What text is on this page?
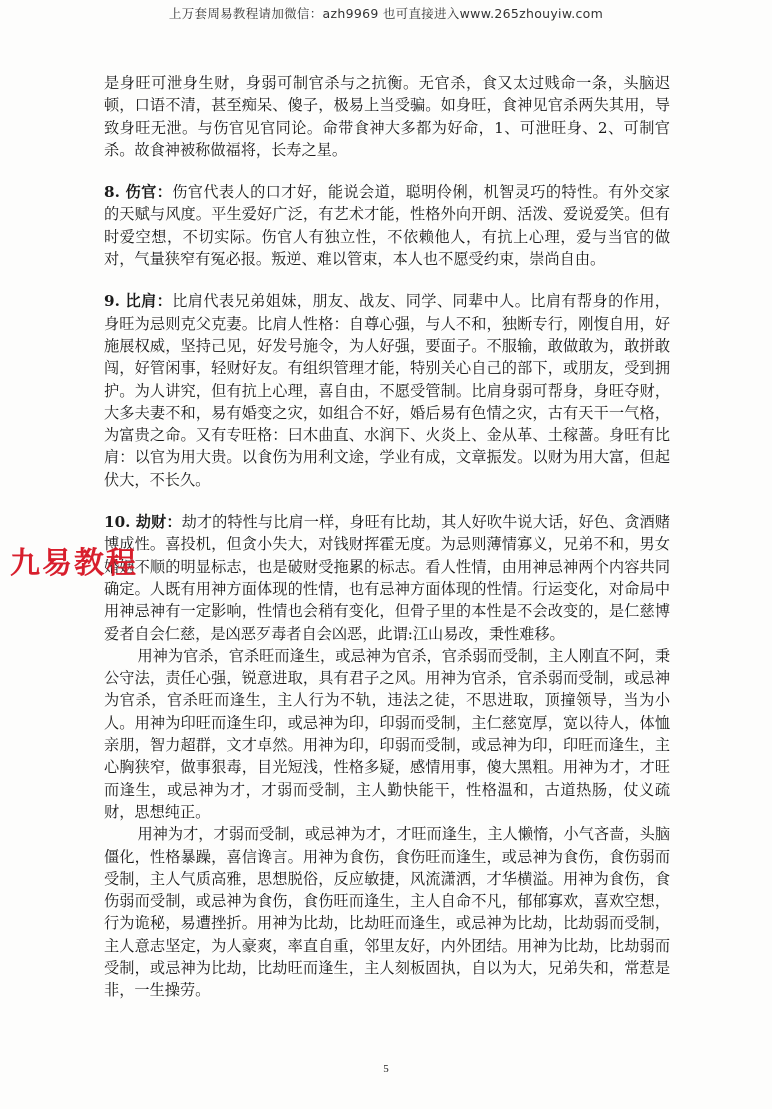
上万套周易教程请加微信：azh9969 也可直接进入www.265zhouyiw.com

是身旺可泄身生财，身弱可制官杀与之抗衡。无官杀，食又太过贱命一条，头脑迟顿，口语不清，甚至痴呆、傻子，极易上当受骗。如身旺，食神见官杀两失其用，导致身旺无泄。与伤官见官同论。命带食神大多都为好命，1、可泄旺身、2、可制官杀。故食神被称做福将，长寿之星。

8. 伤官：伤官代表人的口才好，能说会道，聪明伶俐，机智灵巧的特性。有外交家的天赋与风度。平生爱好广泛，有艺术才能，性格外向开朗、活泼、爱说爱笑。但有时爱空想，不切实际。伤官人有独立性，不依赖他人，有抗上心理，爱与当官的做对，气量狭窄有冤必报。叛逆、难以管束，本人也不愿受约束，崇尚自由。

9. 比肩：比肩代表兄弟姐妹，朋友、战友、同学、同辈中人。比肩有帮身的作用，身旺为忌则克父克妻。比肩人性格：自尊心强，与人不和，独断专行，刚愎自用，好施展权威，坚持己见，好发号施令，为人好强，要面子。不服输，敢做敢为，敢拼敢闯，好管闲事，轻财好友。有组织管理才能，特别关心自己的部下，或朋友，受到拥护。为人讲究，但有抗上心理，喜自由，不愿受管制。比肩身弱可帮身，身旺夺财，大多夫妻不和，易有婚变之灾，如组合不好，婚后易有色情之灾，古有天干一气格，为富贵之命。又有专旺格：曰木曲直、水润下、火炎上、金从革、土稼蔷。身旺有比肩：以官为用大贵。以食伤为用利文途，学业有成，文章振发。以财为用大富，但起伏大，不长久。

10. 劫财：劫才的特性与比肩一样，身旺有比劫，其人好吹牛说大话，好色、贪酒赌博成性。喜投机，但贪小失大，对钱财挥霍无度。为忌则薄情寡义，兄弟不和，男女婚姻不顺的明显标志，也是破财受拖累的标志。看人性情，由用神忌神两个内容共同确定。人既有用神方面体现的性情，也有忌神方面体现的性情。行运变化，对命局中用神忌神有一定影响，性情也会稍有变化，但骨子里的本性是不会改变的，是仁慈博爱者自会仁慈，是凶恶歹毒者自会凶恶，此谓:江山易改，秉性难移。

用神为官杀，官杀旺而逢生，或忌神为官杀，官杀弱而受制，主人刚直不阿，秉公守法，责任心强，锐意进取，具有君子之风。用神为官杀，官杀弱而受制，或忌神为官杀，官杀旺而逢生，主人行为不轨，违法之徒，不思进取，顶撞领导，当为小人。用神为印旺而逢生印，或忌神为印，印弱而受制，主仁慈宽厚，宽以待人，体恤亲朋，智力超群，文才卓然。用神为印，印弱而受制，或忌神为印，印旺而逢生，主心胸狭窄，做事狠毒，目光短浅，性格多疑，感情用事，傻大黑粗。用神为才，才旺而逢生，或忌神为才，才弱而受制，主人勤快能干，性格温和，古道热肠，仗义疏财，思想纯正。

用神为才，才弱而受制，或忌神为才，才旺而逢生，主人懒惰，小气吝啬，头脑僵化，性格暴躁，喜信谗言。用神为食伤，食伤旺而逢生，或忌神为食伤，食伤弱而受制，主人气质高雅，思想脱俗，反应敏捷，风流潇洒，才华横溢。用神为食伤，食伤弱而受制，或忌神为食伤，食伤旺而逢生，主人自命不凡，郁郁寡欢，喜欢空想，行为诡秘，易遭挫折。用神为比劫，比劫旺而逢生，或忌神为比劫，比劫弱而受制，主人意志坚定，为人豪爽，率直自重，邻里友好，内外团结。用神为比劫，比劫弱而受制，或忌神为比劫，比劫旺而逢生，主人刻板固执，自以为大，兄弟失和，常惹是非，一生操劳。

九易教程
5
